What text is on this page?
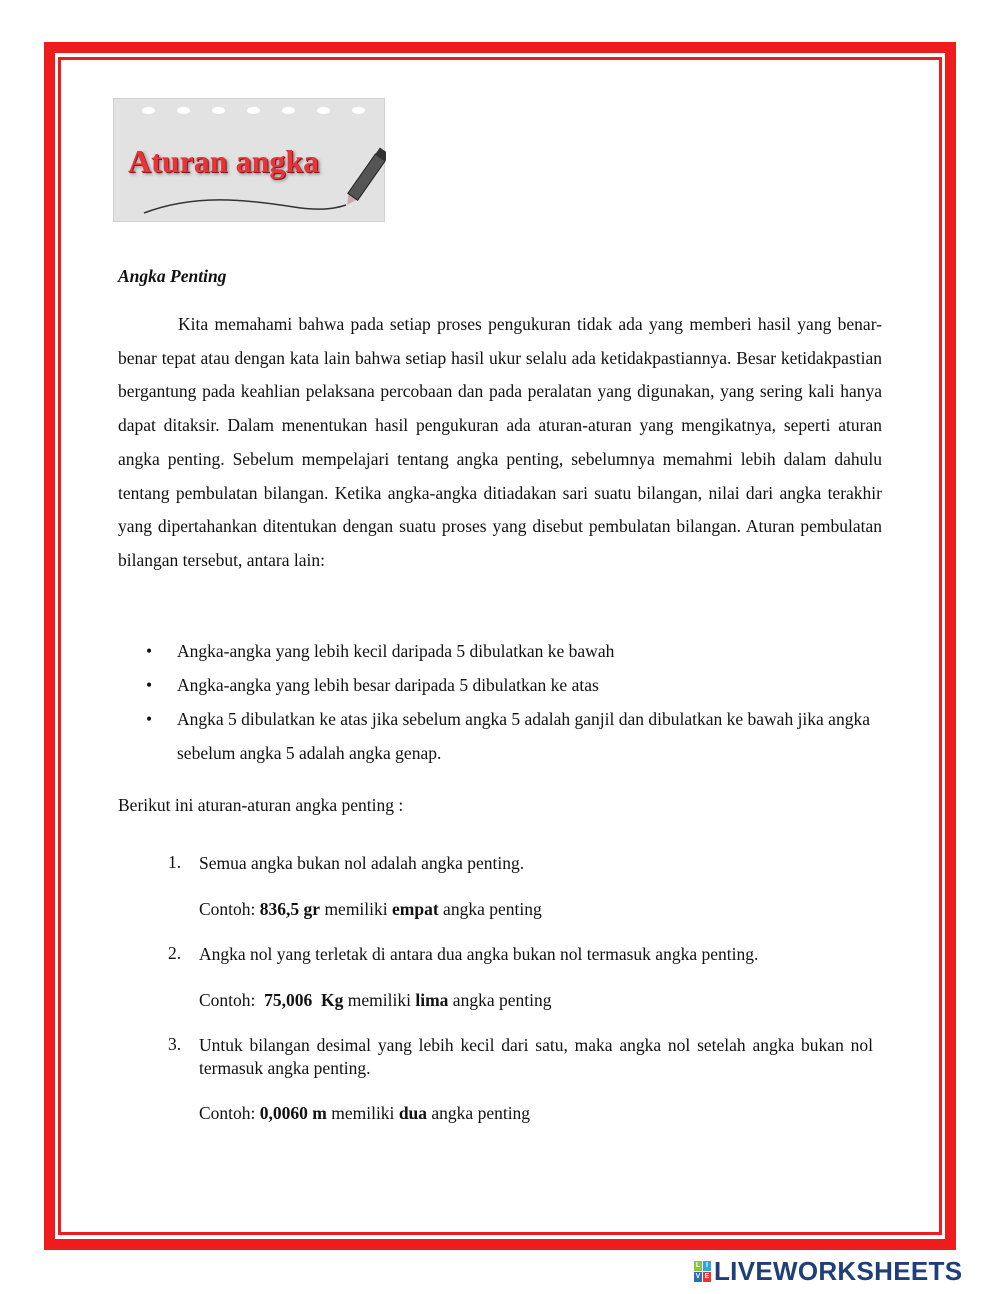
Aturan angka
Angka Penting
Kita memahami bahwa pada setiap proses pengukuran tidak ada yang memberi hasil yang benar-benar tepat atau dengan kata lain bahwa setiap hasil ukur selalu ada ketidakpastiannya. Besar ketidakpastian bergantung pada keahlian pelaksana percobaan dan pada peralatan yang digunakan, yang sering kali hanya dapat ditaksir. Dalam menentukan hasil pengukuran ada aturan-aturan yang mengikatnya, seperti aturan angka penting. Sebelum mempelajari tentang angka penting, sebelumnya memahmi lebih dalam dahulu tentang pembulatan bilangan. Ketika angka-angka ditiadakan sari suatu bilangan, nilai dari angka terakhir yang dipertahankan ditentukan dengan suatu proses yang disebut pembulatan bilangan. Aturan pembulatan bilangan tersebut, antara lain:
• Angka-angka yang lebih kecil daripada 5 dibulatkan ke bawah
• Angka-angka yang lebih besar daripada 5 dibulatkan ke atas
• Angka 5 dibulatkan ke atas jika sebelum angka 5 adalah ganjil dan dibulatkan ke bawah jika angka sebelum angka 5 adalah angka genap.
Berikut ini aturan-aturan angka penting :
1. Semua angka bukan nol adalah angka penting.
Contoh: 836,5 gr memiliki empat angka penting
2. Angka nol yang terletak di antara dua angka bukan nol termasuk angka penting.
Contoh:  75,006  Kg memiliki lima angka penting
3. Untuk bilangan desimal yang lebih kecil dari satu, maka angka nol setelah angka bukan nol termasuk angka penting.
Contoh: 0,0060 m memiliki dua angka penting
L I
V E LIVEWORKSHEETS
